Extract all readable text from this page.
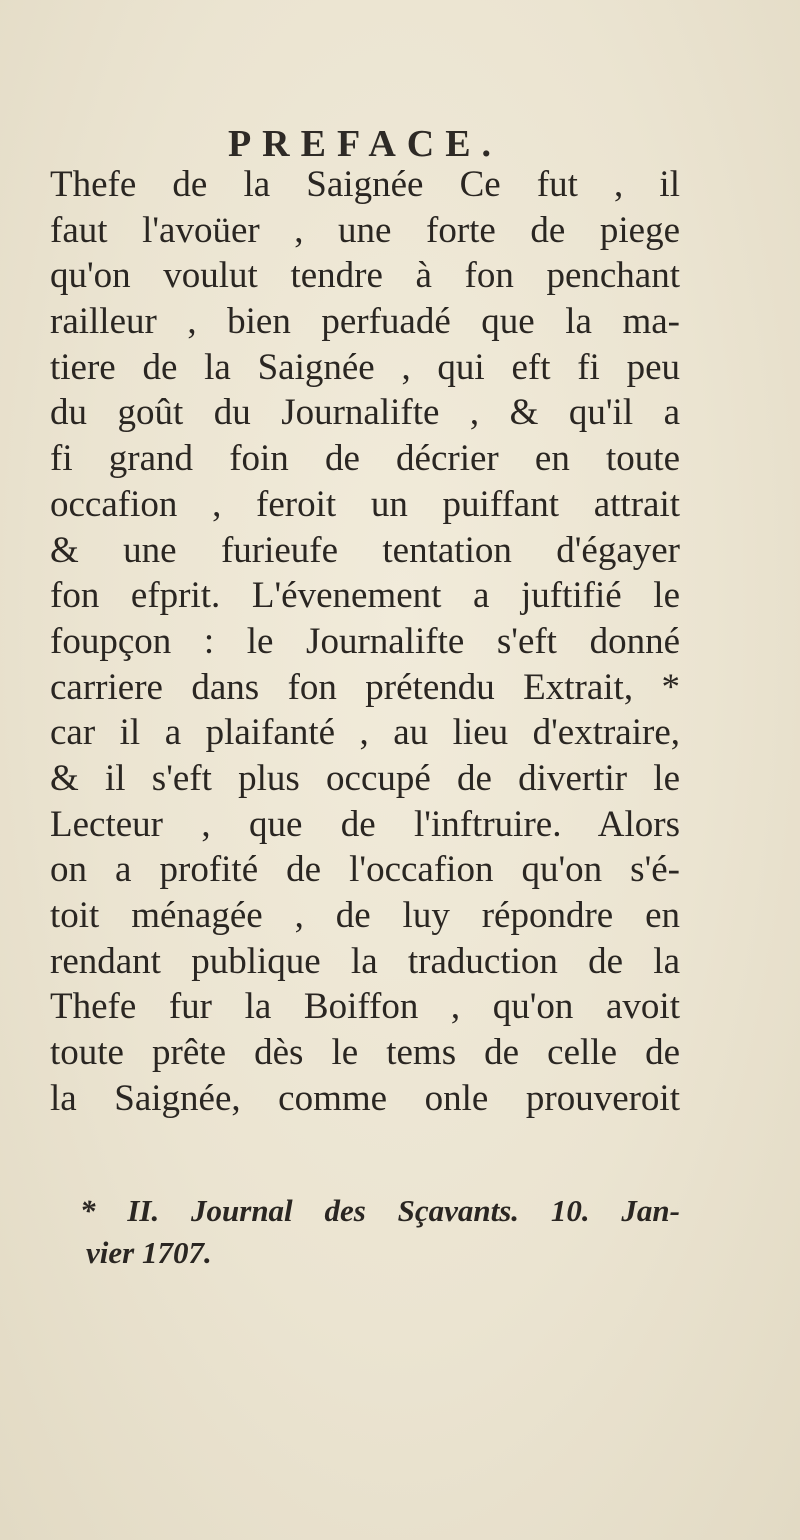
PREFACE.
Thefe de la Saignée Ce fut , il
faut l'avoüer , une forte de piege
qu'on voulut tendre à fon penchant
railleur , bien perfuadé que la ma-
tiere de la Saignée , qui eft fi peu
du goût du Journalifte , & qu'il a
fi grand foin de décrier en toute
occafion , feroit un puiffant attrait
& une furieufe tentation d'égayer
fon efprit. L'évenement a juftifié le
foupçon : le Journalifte s'eft donné
carriere dans fon prétendu Extrait, *
car il a plaifanté , au lieu d'extraire,
& il s'eft plus occupé de divertir le
Lecteur , que de l'inftruire. Alors
on a profité de l'occafion qu'on s'é-
toit ménagée , de luy répondre en
rendant publique la traduction de la
Thefe fur la Boiffon , qu'on avoit
toute prête dès le tems de celle de
la Saignée, comme onle prouveroit
* II. Journal des Sçavants. 10. Jan-
vier 1707.
